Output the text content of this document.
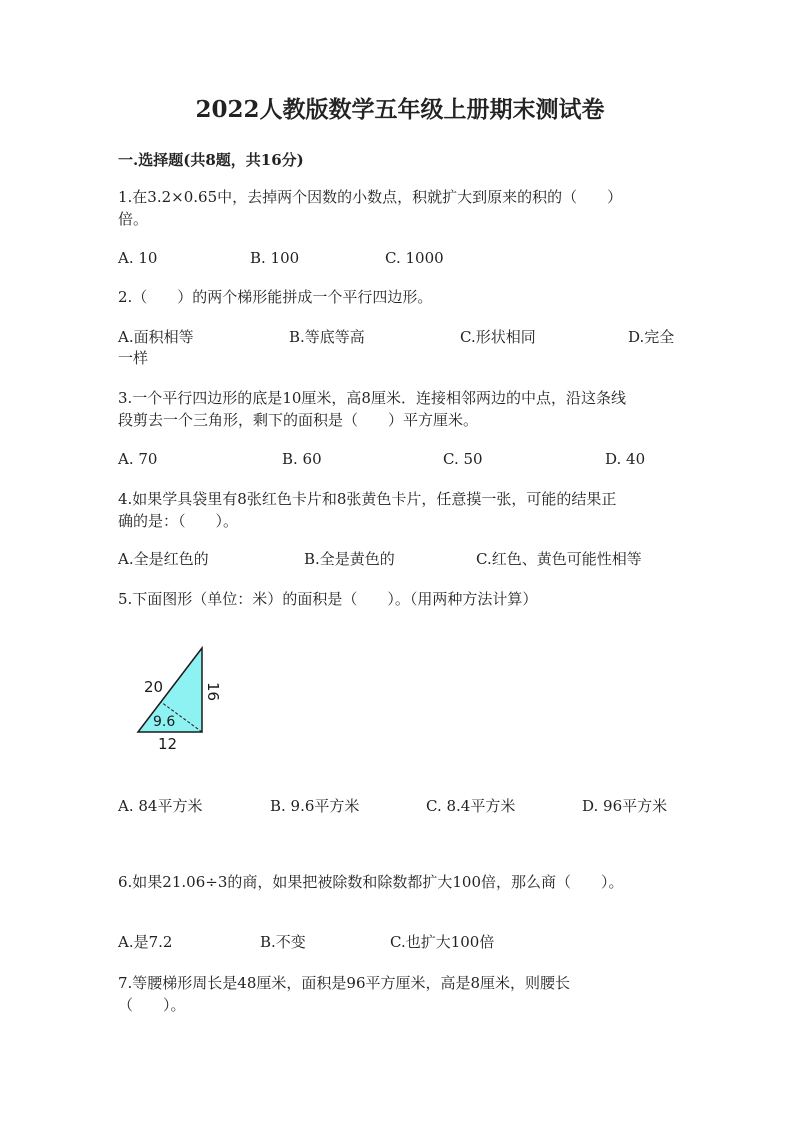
2022人教版数学五年级上册期末测试卷
一.选择题(共8题，共16分)
1.在3.2×0.65中，去掉两个因数的小数点，积就扩大到原来的积的（　　）
倍。
A. 10	B. 100	C. 1000
2.（　　）的两个梯形能拼成一个平行四边形。
A.面积相等	B.等底等高	C.形状相同	D.完全
一样
3.一个平行四边形的底是10厘米，高8厘米．连接相邻两边的中点，沿这条线
段剪去一个三角形，剩下的面积是（　　）平方厘米。
A. 70	B. 60	C. 50	D. 40
4.如果学具袋里有8张红色卡片和8张黄色卡片，任意摸一张，可能的结果正
确的是：（　　）。
A.全是红色的	B.全是黄色的	C.红色、黄色可能性相等
5.下面图形（单位：米）的面积是（　　）。（用两种方法计算）
20	16
9.6
12
A. 84平方米	B. 9.6平方米	C. 8.4平方米	D. 96平方米
6.如果21.06÷3的商，如果把被除数和除数都扩大100倍，那么商（　　）。
A.是7.2	B.不变	C.也扩大100倍
7.等腰梯形周长是48厘米，面积是96平方厘米，高是8厘米，则腰长
（　　）。
